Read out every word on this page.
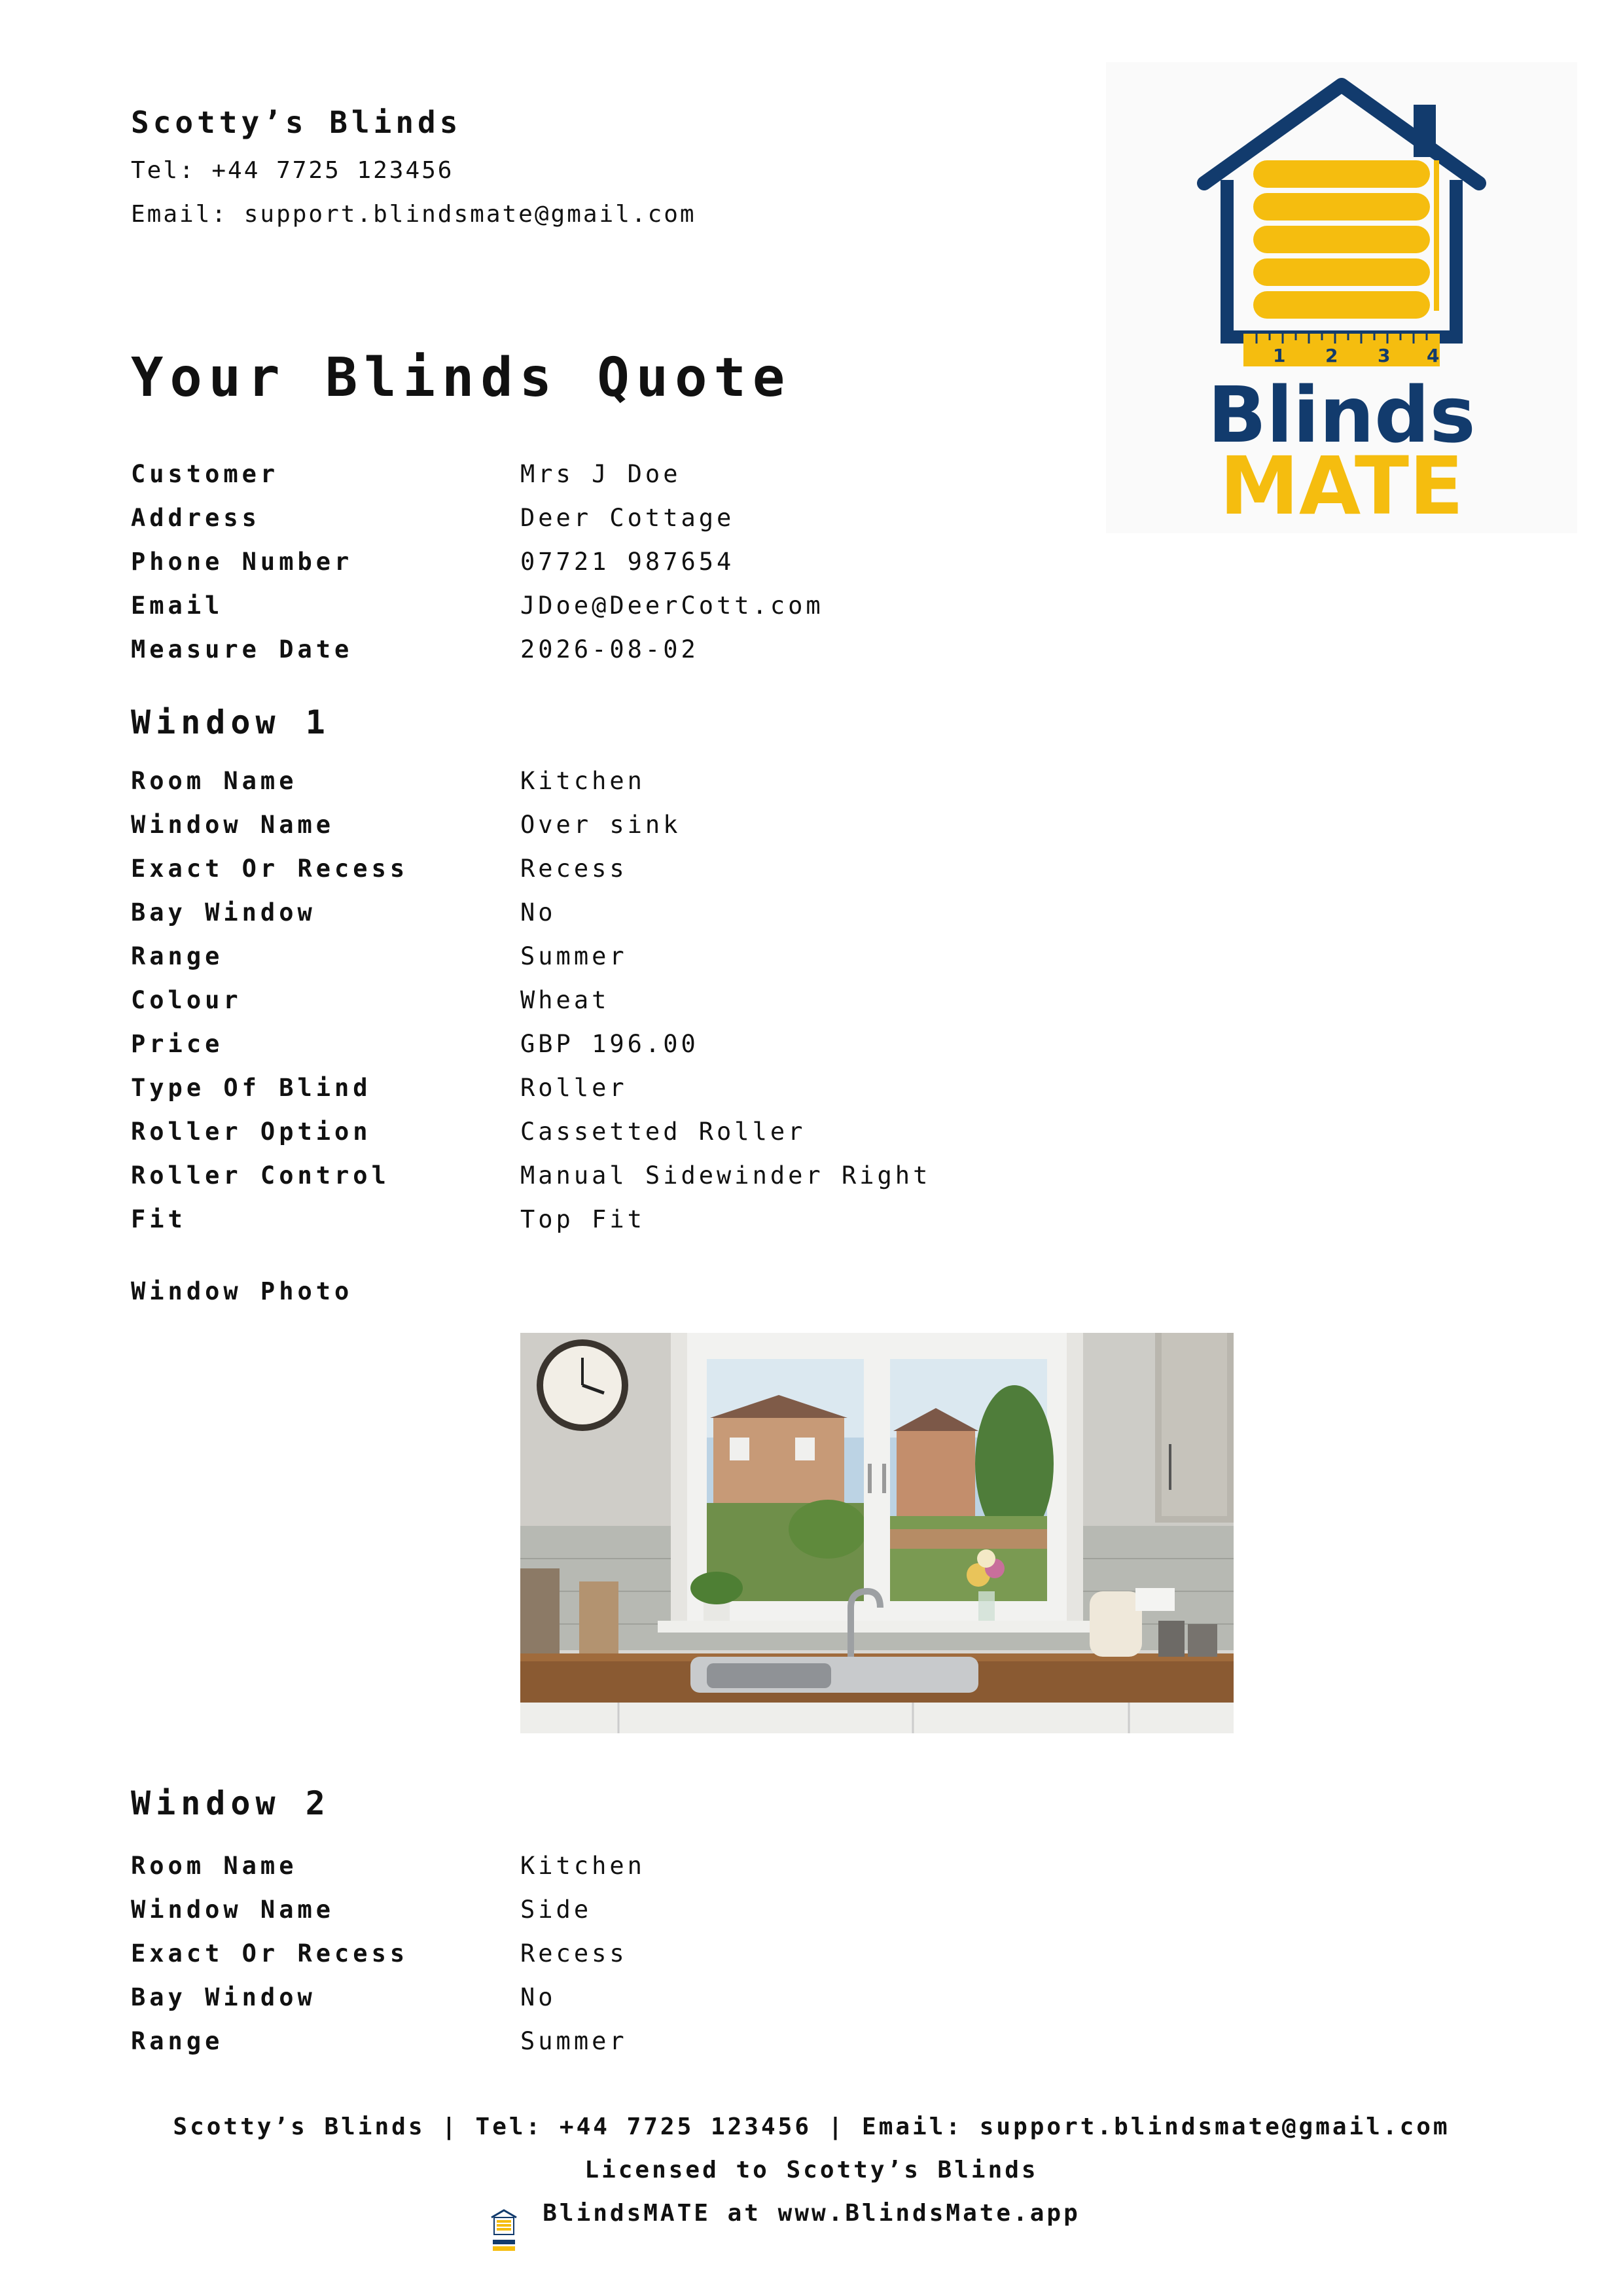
Scotty’s Blinds
Tel: +44 7725 123456
Email: support.blindsmate@gmail.com
1 2 3 4
Blinds
MATE
Your Blinds Quote
Customer	Mrs J Doe
Address	Deer Cottage
Phone Number	07721 987654
Email	JDoe@DeerCott.com
Measure Date	2026-08-02
Window 1
Room Name	Kitchen
Window Name	Over sink
Exact Or Recess	Recess
Bay Window	No
Range	Summer
Colour	Wheat
Price	GBP 196.00
Type Of Blind	Roller
Roller Option	Cassetted Roller
Roller Control	Manual Sidewinder Right
Fit	Top Fit
Window Photo
Window 2
Room Name	Kitchen
Window Name	Side
Exact Or Recess	Recess
Bay Window	No
Range	Summer
Scotty’s Blinds | Tel: +44 7725 123456 | Email: support.blindsmate@gmail.com
Licensed to Scotty’s Blinds
BlindsMATE at www.BlindsMate.app
